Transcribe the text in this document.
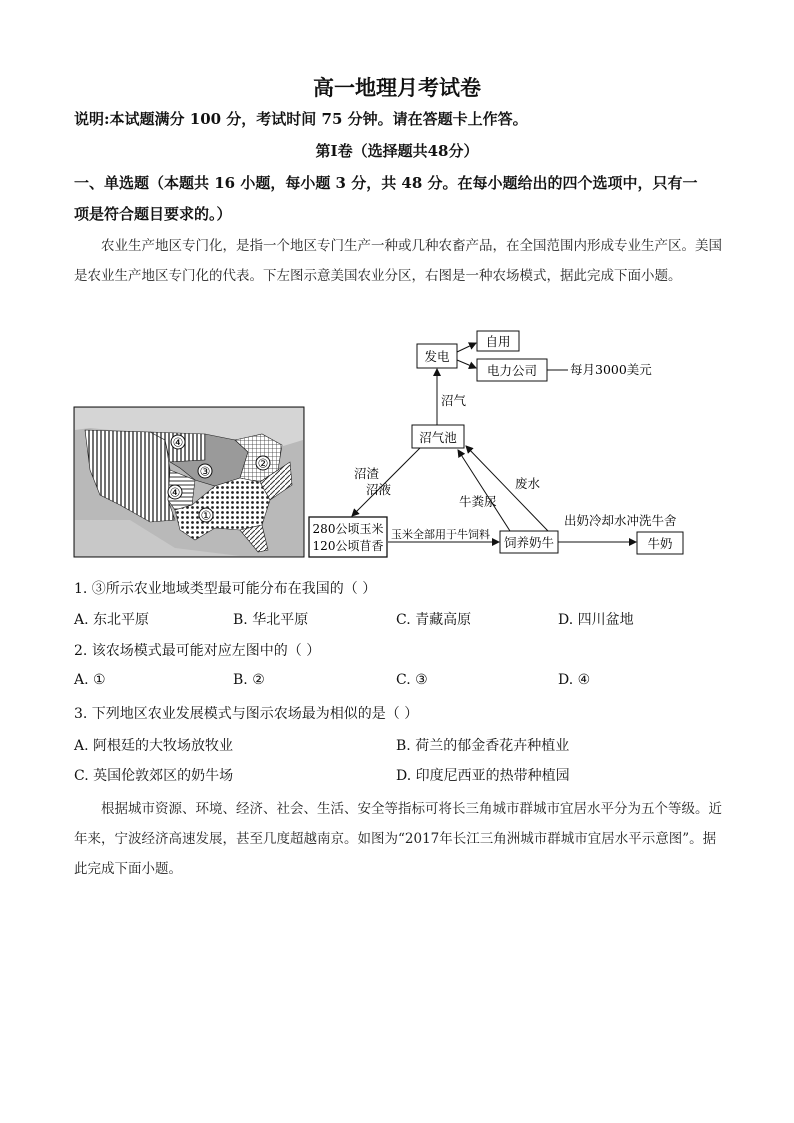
高一地理月考试卷
说明:本试题满分 100 分，考试时间 75 分钟。请在答题卡上作答。
第Ⅰ卷（选择题共48分）
一、单选题（本题共 16 小题，每小题 3 分，共 48 分。在每小题给出的四个选项中，只有一
项是符合题目要求的。）
农业生产地区专门化，是指一个地区专门生产一种或几种农畜产品，在全国范围内形成专业生产区。美国是农业生产地区专门化的代表。下左图示意美国农业分区，右图是一种农场模式，据此完成下面小题。
④
②
③
④
①
发电
自用
电力公司	每月3000美元
沼气池
沼气
280公顷玉米
120公顷苜香
沼渣
沼液
饲养奶牛
玉米全部用于牛饲料
牛粪尿
废水
牛奶
出奶冷却水冲洗牛舍
1. ③所示农业地域类型最可能分布在我国的（ ）
A. 东北平原	B. 华北平原	C. 青藏高原	D. 四川盆地
2. 该农场模式最可能对应左图中的（ ）
A. ①	B. ②	C. ③	D. ④
3. 下列地区农业发展模式与图示农场最为相似的是（ ）
A. 阿根廷的大牧场放牧业	B. 荷兰的郁金香花卉种植业
C. 英国伦敦郊区的奶牛场	D. 印度尼西亚的热带种植园
根据城市资源、环境、经济、社会、生活、安全等指标可将长三角城市群城市宜居水平分为五个等级。近年来，宁波经济高速发展，甚至几度超越南京。如图为“2017年长江三角洲城市群城市宜居水平示意图”。据此完成下面小题。
